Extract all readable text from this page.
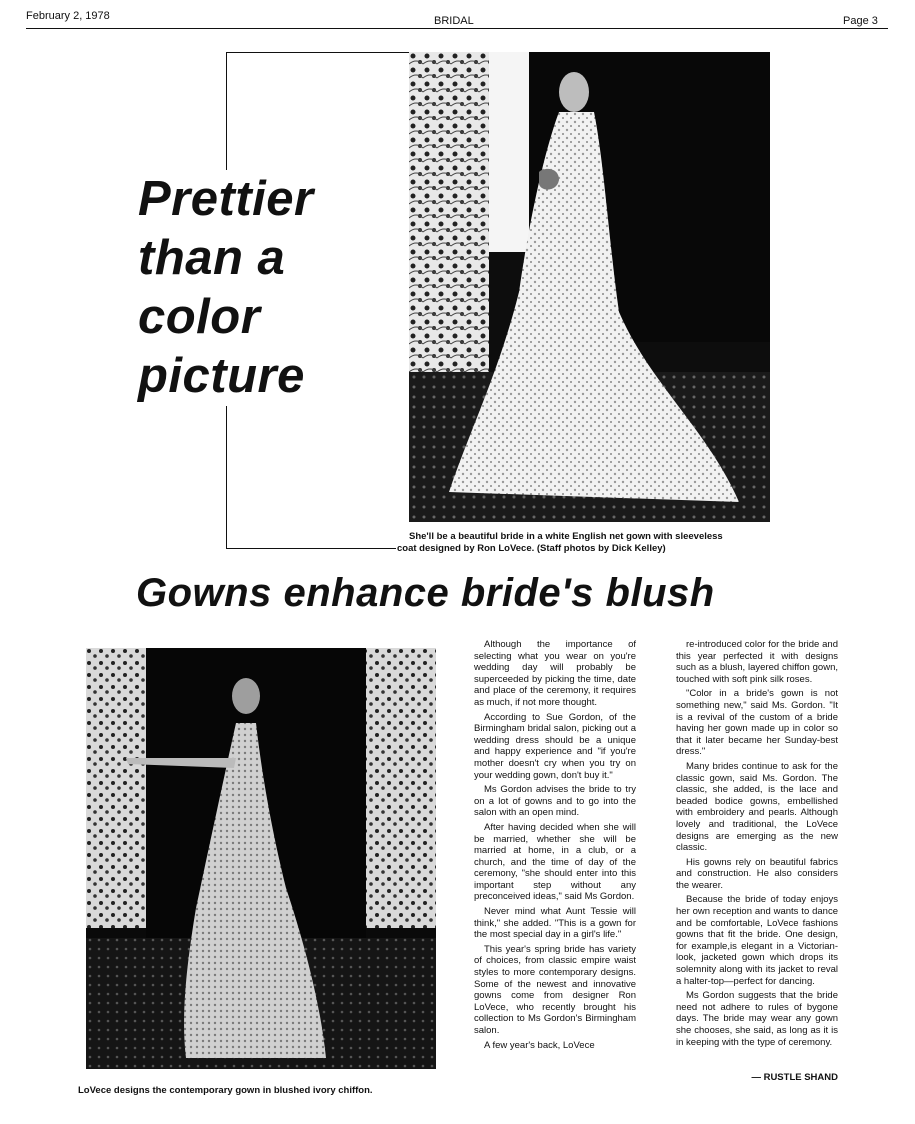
February 2, 1978	BRIDAL	Page 3
Prettier
than a
color
picture
She'll be a beautiful bride in a white English net gown with sleeveless
coat designed by Ron LoVece. (Staff photos by Dick Kelley)
Gowns enhance bride's blush
LoVece designs the contemporary gown in blushed ivory chiffon.

Although the importance of selecting what you wear on you're wedding day will probably be superceeded by picking the time, date and place of the ceremony, it requires as much, if not more thought.

According to Sue Gordon, of the Birmingham bridal salon, picking out a wedding dress should be a unique and happy experience and "if you're mother doesn't cry when you try on your wedding gown, don't buy it."

Ms Gordon advises the bride to try on a lot of gowns and to go into the salon with an open mind.

After having decided when she will be married, whether she will be married at home, in a club, or a church, and the time of day of the ceremony, "she should enter into this important step without any preconceived ideas," said Ms Gordon.

Never mind what Aunt Tessie will think," she added. "This is a gown for the most special day in a girl's life."

This year's spring bride has variety of choices, from classic empire waist styles to more contemporary designs. Some of the newest and innovative gowns come from designer Ron LoVece, who recently brought his collection to Ms Gordon's Birmingham salon.

A few year's back, LoVece

re-introduced color for the bride and this year perfected it with designs such as a blush, layered chiffon gown, touched with soft pink silk roses.

"Color in a bride's gown is not something new," said Ms. Gordon. "It is a revival of the custom of a bride having her gown made up in color so that it later became her Sunday-best dress."

Many brides continue to ask for the classic gown, said Ms. Gordon. The classic, she added, is the lace and beaded bodice gowns, embellished with embroidery and pearls. Although lovely and traditional, the LoVece designs are emerging as the new classic.

His gowns rely on beautiful fabrics and construction. He also considers the wearer.

Because the bride of today enjoys her own reception and wants to dance and be comfortable, LoVece fashions gowns that fit the bride. One design, for example,is elegant in a Victorian-look, jacketed gown which drops its solemnity along with its jacket to reval a halter-top—perfect for dancing.

Ms Gordon suggests that the bride need not adhere to rules of bygone days. The bride may wear any gown she chooses, she said, as long as it is in keeping with the type of ceremony.

— RUSTLE SHAND
